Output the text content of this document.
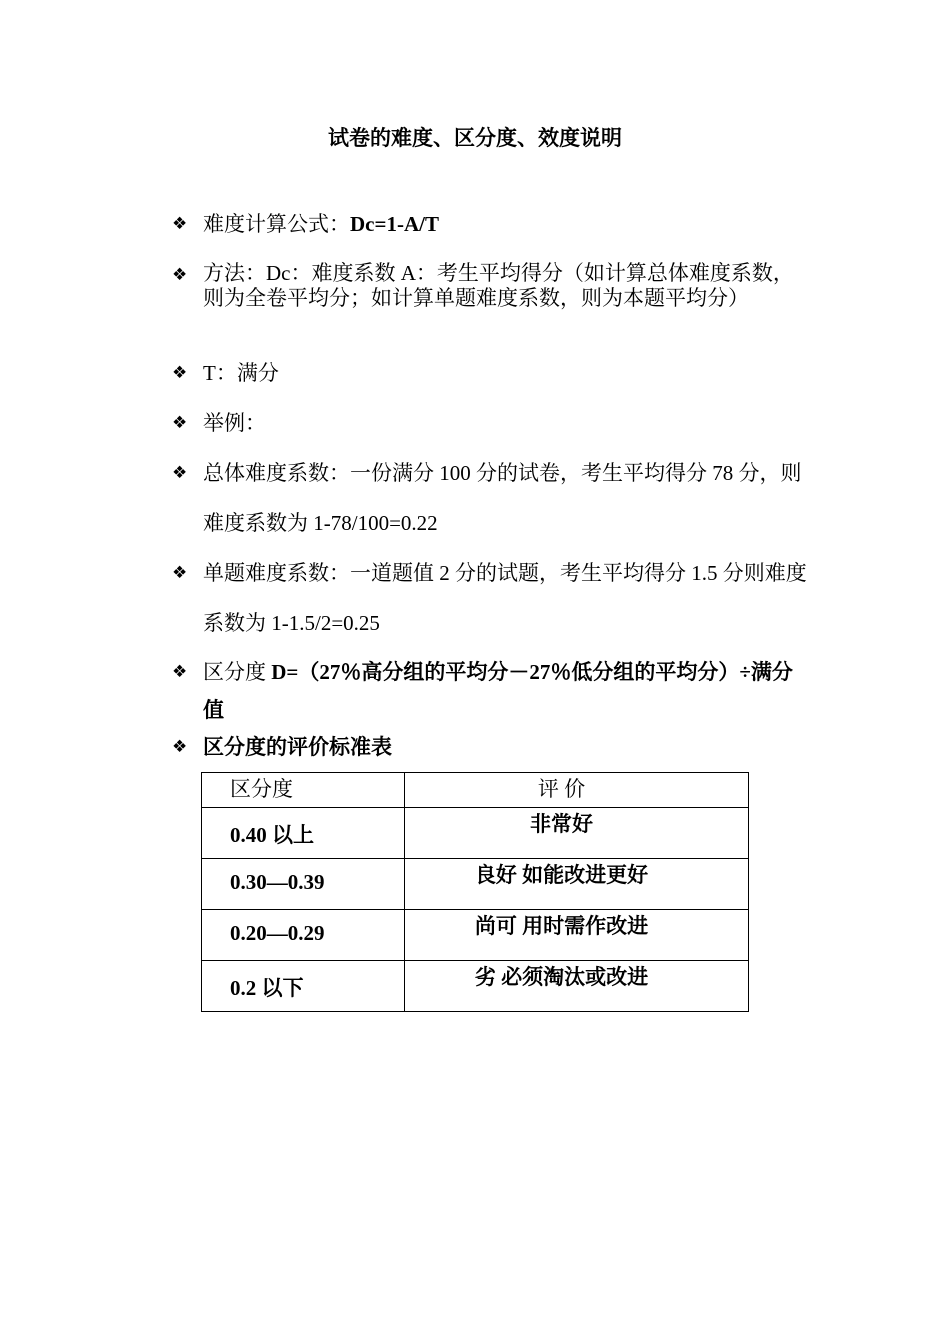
试卷的难度、区分度、效度说明
❖ 难度计算公式：Dc=1-A/T
❖ 方法：Dc：难度系数 A：考生平均得分（如计算总体难度系数，则为全卷平均分；如计算单题难度系数，则为本题平均分）
❖ T：满分
❖ 举例：
❖ 总体难度系数：一份满分 100 分的试卷，考生平均得分 78 分，则难度系数为 1-78/100=0.22
❖ 单题难度系数：一道题值 2 分的试题，考生平均得分 1.5 分则难度系数为 1-1.5/2=0.25
❖ 区分度 D=（27％高分组的平均分－27％低分组的平均分）÷满分值
❖ 区分度的评价标准表
区分度	评 价

0.40 以上	非常好

0.30—0.39	良好 如能改进更好

0.20—0.29	尚可 用时需作改进

0.2 以下	劣 必须淘汰或改进
